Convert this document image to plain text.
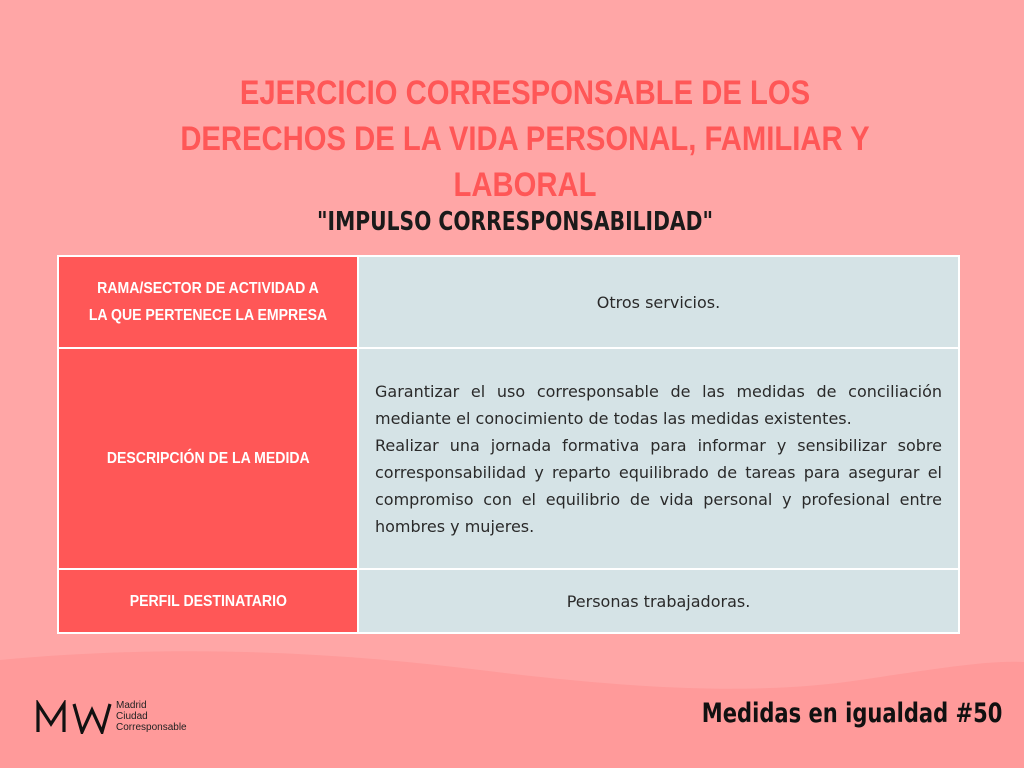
EJERCICIO CORRESPONSABLE DE LOS DERECHOS DE LA VIDA PERSONAL, FAMILIAR Y LABORAL
"IMPULSO CORRESPONSABILIDAD"
RAMA/SECTOR DE ACTIVIDAD A LA QUE PERTENECE LA EMPRESA	Otros servicios.
DESCRIPCIÓN DE LA MEDIDA	Garantizar el uso corresponsable de las medidas de conciliación mediante el conocimiento de todas las medidas existentes.
Realizar una jornada formativa para informar y sensibilizar sobre corresponsabilidad y reparto equilibrado de tareas para asegurar el compromiso con el equilibrio de vida personal y profesional entre hombres y mujeres.

PERFIL DESTINATARIO	Personas trabajadoras.
Madrid
Ciudad
Corresponsable	Medidas en igualdad #50
